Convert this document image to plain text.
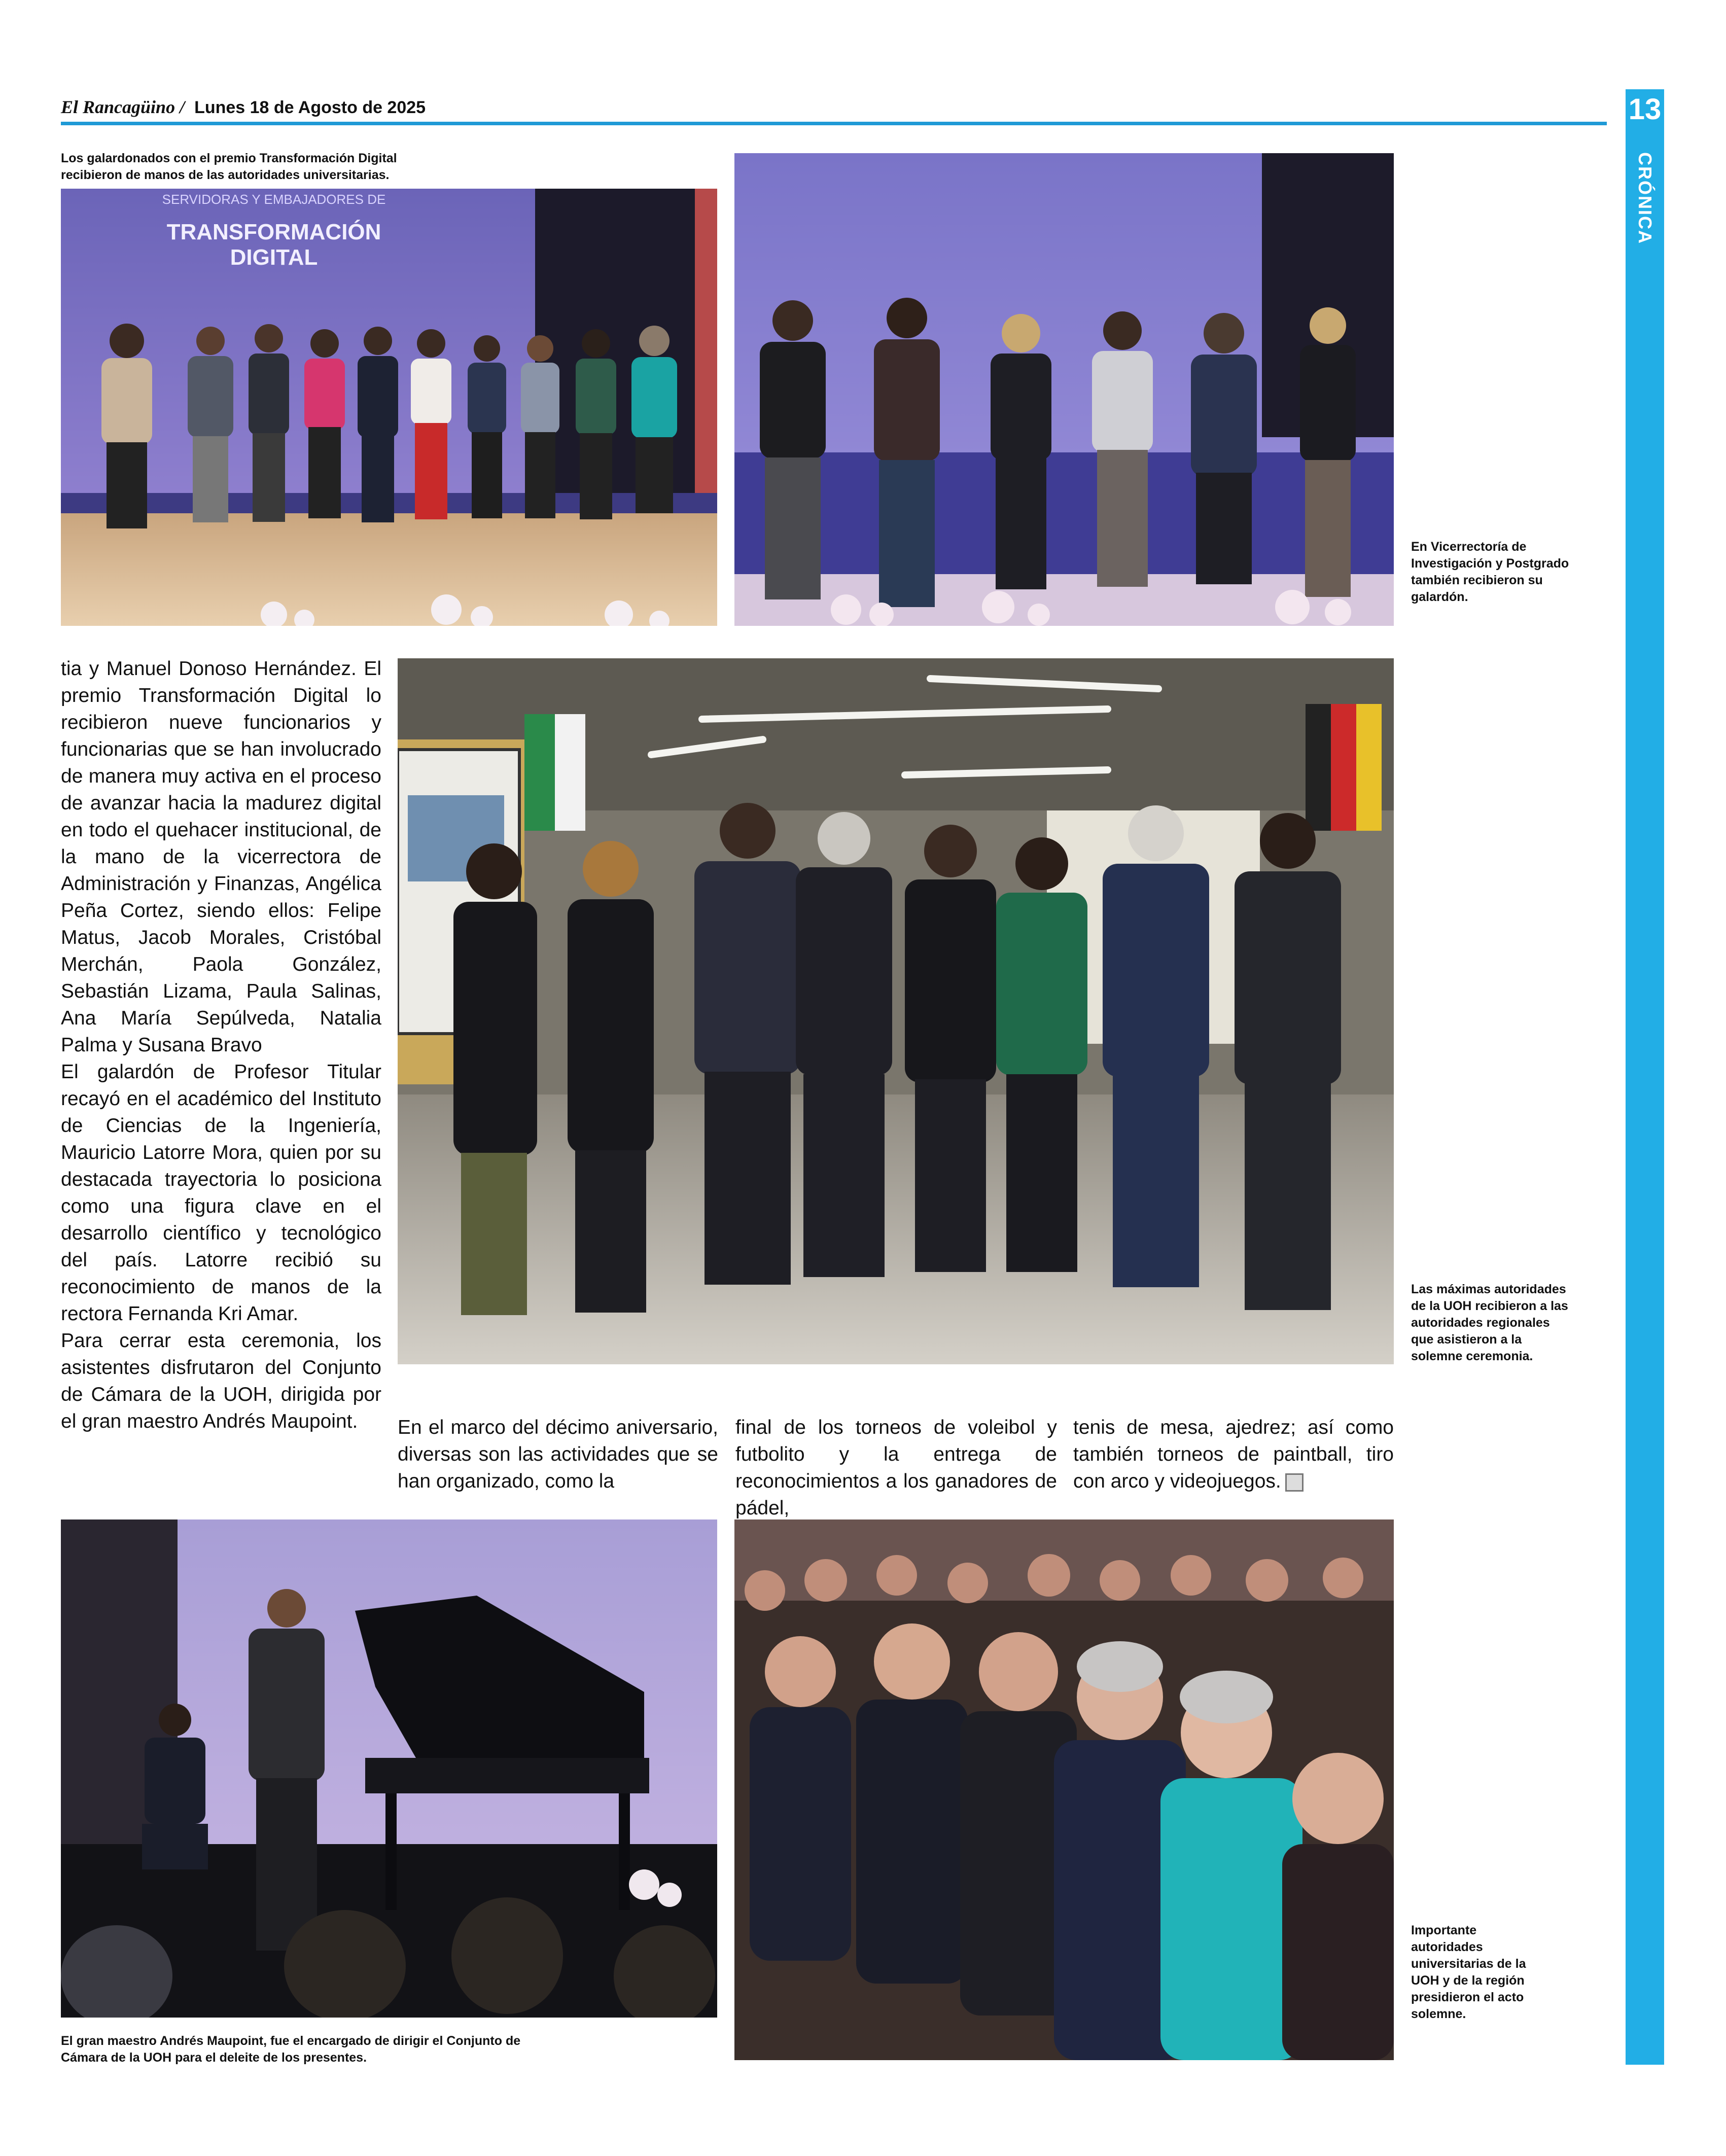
El Rancagüino / Lunes 18 de Agosto de 2025	13
CRÓNICA
Los galardonados con el premio Transformación Digital recibieron de manos de las autoridades universitarias.
SERVIDORAS Y EMBAJADORES DE
TRANSFORMACIÓN
DIGITAL
En Vicerrectoría de Investigación y Postgrado también recibieron su galardón.

tia y Manuel Donoso Hernández. El premio Transformación Digital lo recibieron nueve funcionarios y funcionarias que se han involucrado de manera muy activa en el proceso de avanzar hacia la madurez digital en todo el quehacer institucional, de la mano de la vicerrectora de Administración y Finanzas, Angélica Peña Cortez, siendo ellos: Felipe Matus, Jacob Morales, Cristóbal Merchán, Paola González, Sebastián Lizama, Paula Salinas, Ana María Sepúlveda, Natalia Palma y Susana Bravo

El galardón de Profesor Titular recayó en el académico del Instituto de Ciencias de la Ingeniería, Mauricio Latorre Mora, quien por su destacada trayectoria lo posiciona como una figura clave en el desarrollo científico y tecnológico del país. Latorre recibió su reconocimiento de manos de la rectora Fernanda Kri Amar.

Para cerrar esta ceremonia, los asistentes disfrutaron del Conjunto de Cámara de la UOH, dirigida por el gran maestro Andrés Maupoint.

Las máximas autoridades de la UOH recibieron a las autoridades regionales que asistieron a la solemne ceremonia.
En el marco del décimo aniversario, diversas son las actividades que se han organizado, como la
final de los torneos de voleibol y futbolito y la entrega de reconocimientos a los ganadores de pádel,
tenis de mesa, ajedrez; así como también torneos de paintball, tiro con arco y videojuegos.
El gran maestro Andrés Maupoint, fue el encargado de dirigir el Conjunto de Cámara de la UOH para el deleite de los presentes.
Importante autoridades universitarias de la UOH y de la región presidieron el acto solemne.
